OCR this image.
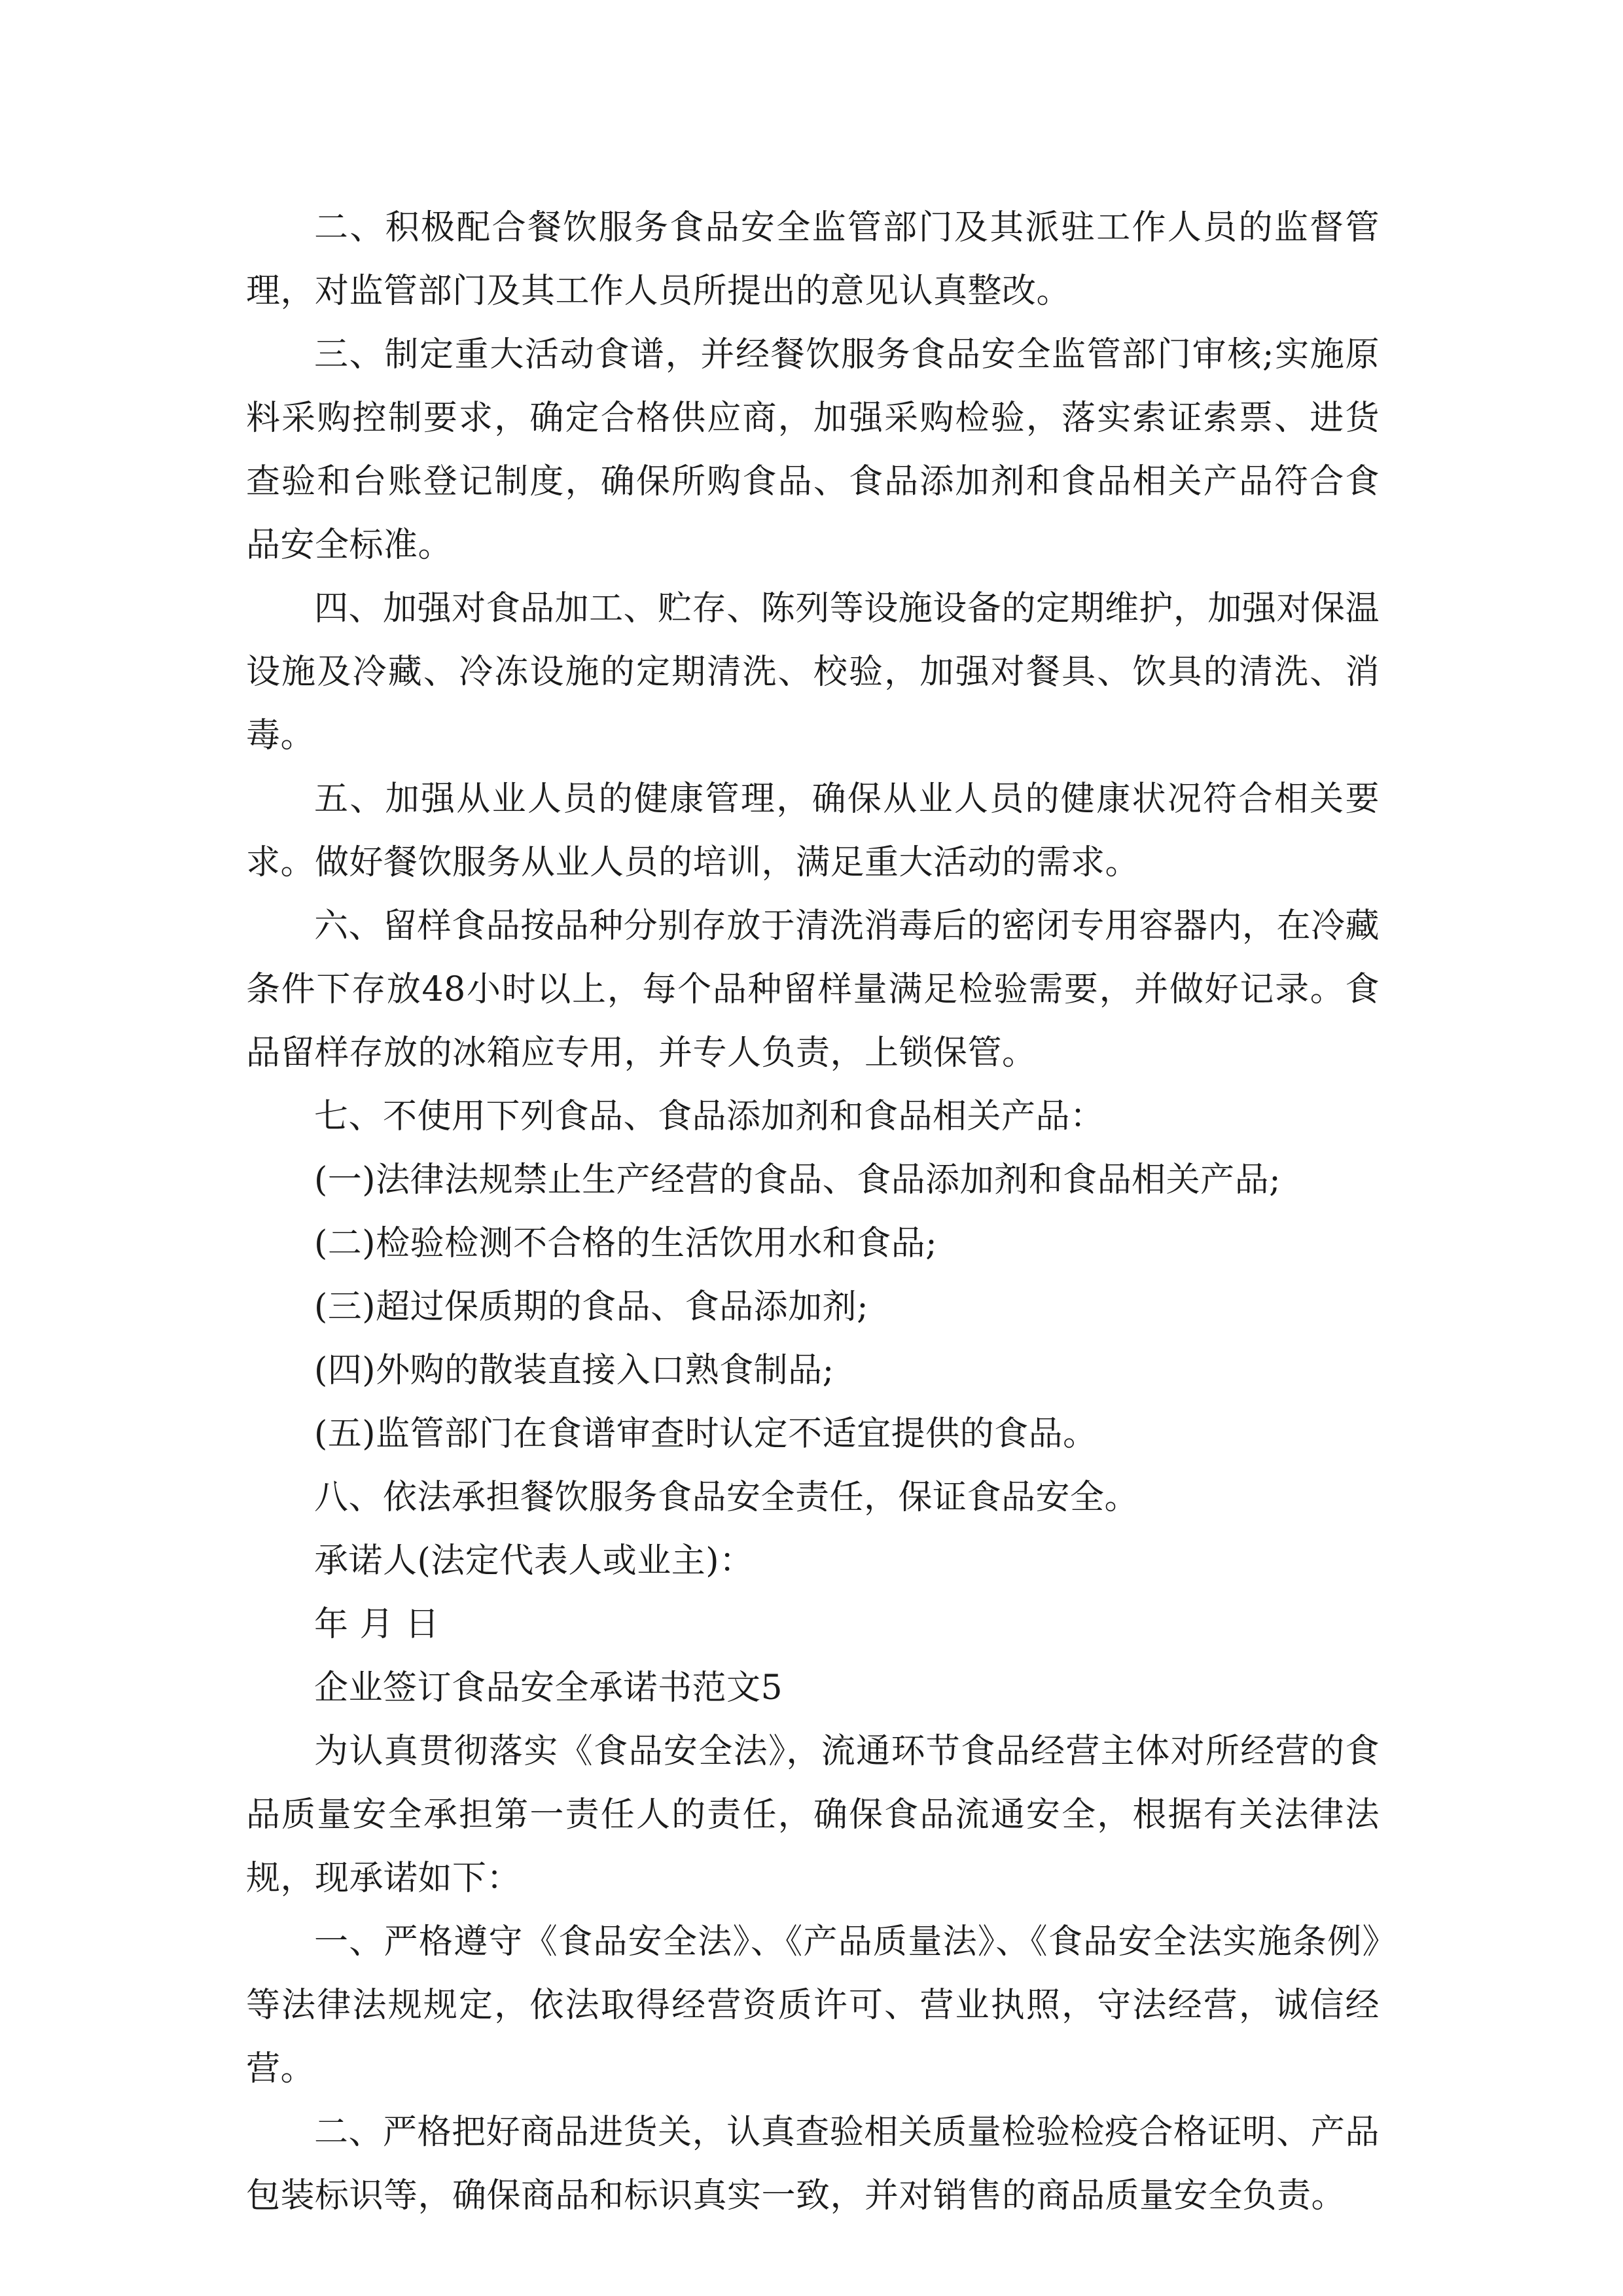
二、积极配合餐饮服务食品安全监管部门及其派驻工作人员的监督管理，对监管部门及其工作人员所提出的意见认真整改。

三、制定重大活动食谱，并经餐饮服务食品安全监管部门审核;实施原料采购控制要求，确定合格供应商，加强采购检验，落实索证索票、进货查验和台账登记制度，确保所购食品、食品添加剂和食品相关产品符合食品安全标准。

四、加强对食品加工、贮存、陈列等设施设备的定期维护，加强对保温设施及冷藏、冷冻设施的定期清洗、校验，加强对餐具、饮具的清洗、消毒。

五、加强从业人员的健康管理，确保从业人员的健康状况符合相关要求。做好餐饮服务从业人员的培训，满足重大活动的需求。

六、留样食品按品种分别存放于清洗消毒后的密闭专用容器内，在冷藏条件下存放48小时以上，每个品种留样量满足检验需要，并做好记录。食品留样存放的冰箱应专用，并专人负责，上锁保管。

七、不使用下列食品、食品添加剂和食品相关产品：

(一)法律法规禁止生产经营的食品、食品添加剂和食品相关产品;

(二)检验检测不合格的生活饮用水和食品;

(三)超过保质期的食品、食品添加剂;

(四)外购的散装直接入口熟食制品;

(五)监管部门在食谱审查时认定不适宜提供的食品。

八、依法承担餐饮服务食品安全责任，保证食品安全。

承诺人(法定代表人或业主)：

年 月 日

企业签订食品安全承诺书范文5

为认真贯彻落实《食品安全法》，流通环节食品经营主体对所经营的食品质量安全承担第一责任人的责任，确保食品流通安全，根据有关法律法规，现承诺如下：

一、严格遵守《食品安全法》、《产品质量法》、《食品安全法实施条例》等法律法规规定，依法取得经营资质许可、营业执照，守法经营，诚信经营。

二、严格把好商品进货关，认真查验相关质量检验检疫合格证明、产品包装标识等，确保商品和标识真实一致，并对销售的商品质量安全负责。
